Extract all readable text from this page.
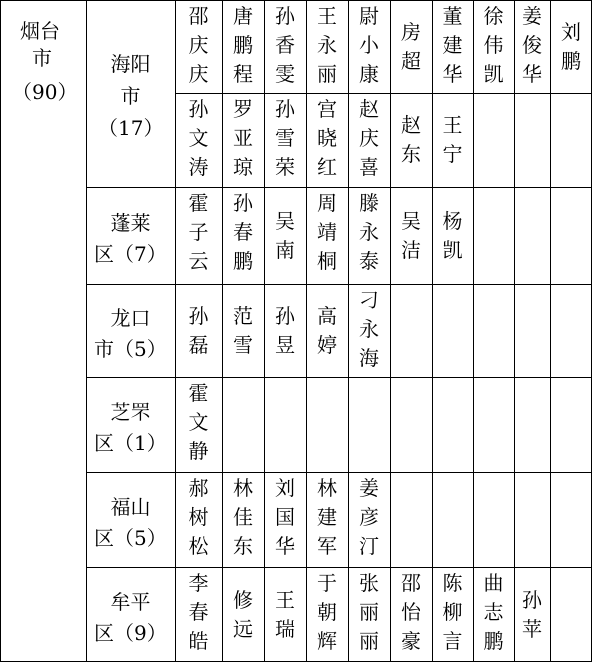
烟台
市
（90）
海阳
市
（17）
邵庆庆
唐鹏程
孙香雯
王永丽
尉小康
房超
董建华
徐伟凯
姜俊华
刘鹏
孙文涛
罗亚琼
孙雪荣
宫晓红
赵庆喜
赵东
王宁
蓬莱
区（7）
霍子云
孙春鹏
吴南
周靖桐
滕永泰
吴洁
杨凯
龙口
市（5）
孙磊
范雪
孙昱
高婷
刁永海
芝罘
区（1）
霍文静
福山
区（5）
郝树松
林佳东
刘国华
林建军
姜彦汀
牟平
区（9）
李春皓
修远
王瑞
于朝辉
张丽丽
邵怡豪
陈柳言
曲志鹏
孙苹
